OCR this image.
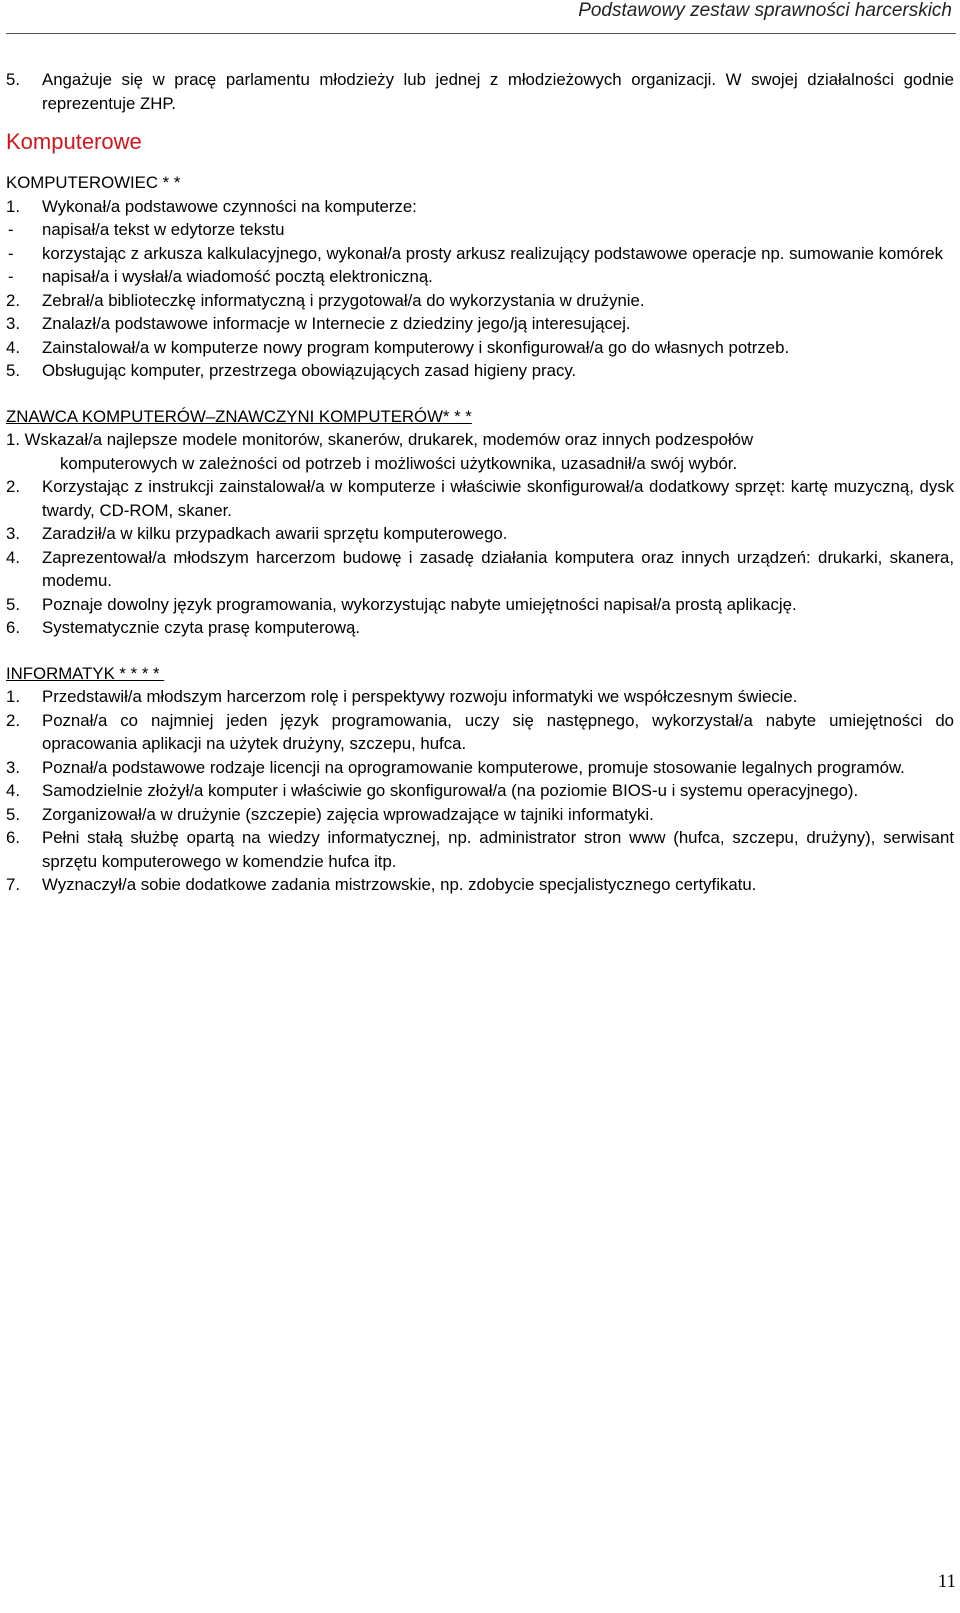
Podstawowy zestaw sprawności harcerskich
5. Angażuje się w pracę parlamentu młodzieży lub jednej z młodzieżowych organizacji. W swojej działalności godnie reprezentuje ZHP.
Komputerowe
KOMPUTEROWIEC * *
1. Wykonał/a podstawowe czynności na komputerze:
- napisał/a tekst w edytorze tekstu
- korzystając z arkusza kalkulacyjnego, wykonał/a prosty arkusz realizujący podstawowe operacje np. sumowanie komórek
- napisał/a i wysłał/a wiadomość pocztą elektroniczną.
2. Zebrał/a biblioteczkę informatyczną i przygotował/a do wykorzystania w drużynie.
3. Znalazł/a podstawowe informacje w Internecie z dziedziny jego/ją interesującej.
4. Zainstalował/a w komputerze nowy program komputerowy i skonfigurował/a go do własnych potrzeb.
5. Obsługując komputer, przestrzega obowiązujących zasad higieny pracy.
ZNAWCA KOMPUTERÓW–ZNAWCZYNI KOMPUTERÓW* * *
1. Wskazał/a najlepsze modele monitorów, skanerów, drukarek, modemów oraz innych podzespołów
komputerowych w zależności od potrzeb i możliwości użytkownika, uzasadnił/a swój wybór.
2. Korzystając z instrukcji zainstalował/a w komputerze i właściwie skonfigurował/a dodatkowy sprzęt: kartę muzyczną, dysk twardy, CD-ROM, skaner.
3. Zaradził/a w kilku przypadkach awarii sprzętu komputerowego.
4. Zaprezentował/a młodszym harcerzom budowę i zasadę działania komputera oraz innych urządzeń: drukarki, skanera, modemu.
5. Poznaje dowolny język programowania, wykorzystując nabyte umiejętności napisał/a prostą aplikację.
6. Systematycznie czyta prasę komputerową.
INFORMATYK * * * *
1. Przedstawił/a młodszym harcerzom rolę i perspektywy rozwoju informatyki we współczesnym świecie.
2. Poznał/a co najmniej jeden język programowania, uczy się następnego, wykorzystał/a nabyte umiejętności do opracowania aplikacji na użytek drużyny, szczepu, hufca.
3. Poznał/a podstawowe rodzaje licencji na oprogramowanie komputerowe, promuje stosowanie legalnych programów.
4. Samodzielnie złożył/a komputer i właściwie go skonfigurował/a (na poziomie BIOS-u i systemu operacyjnego).
5. Zorganizował/a w drużynie (szczepie) zajęcia wprowadzające w tajniki informatyki.
6. Pełni stałą służbę opartą na wiedzy informatycznej, np. administrator stron www (hufca, szczepu, drużyny), serwisant sprzętu komputerowego w komendzie hufca itp.
7. Wyznaczył/a sobie dodatkowe zadania mistrzowskie, np. zdobycie specjalistycznego certyfikatu.
11
